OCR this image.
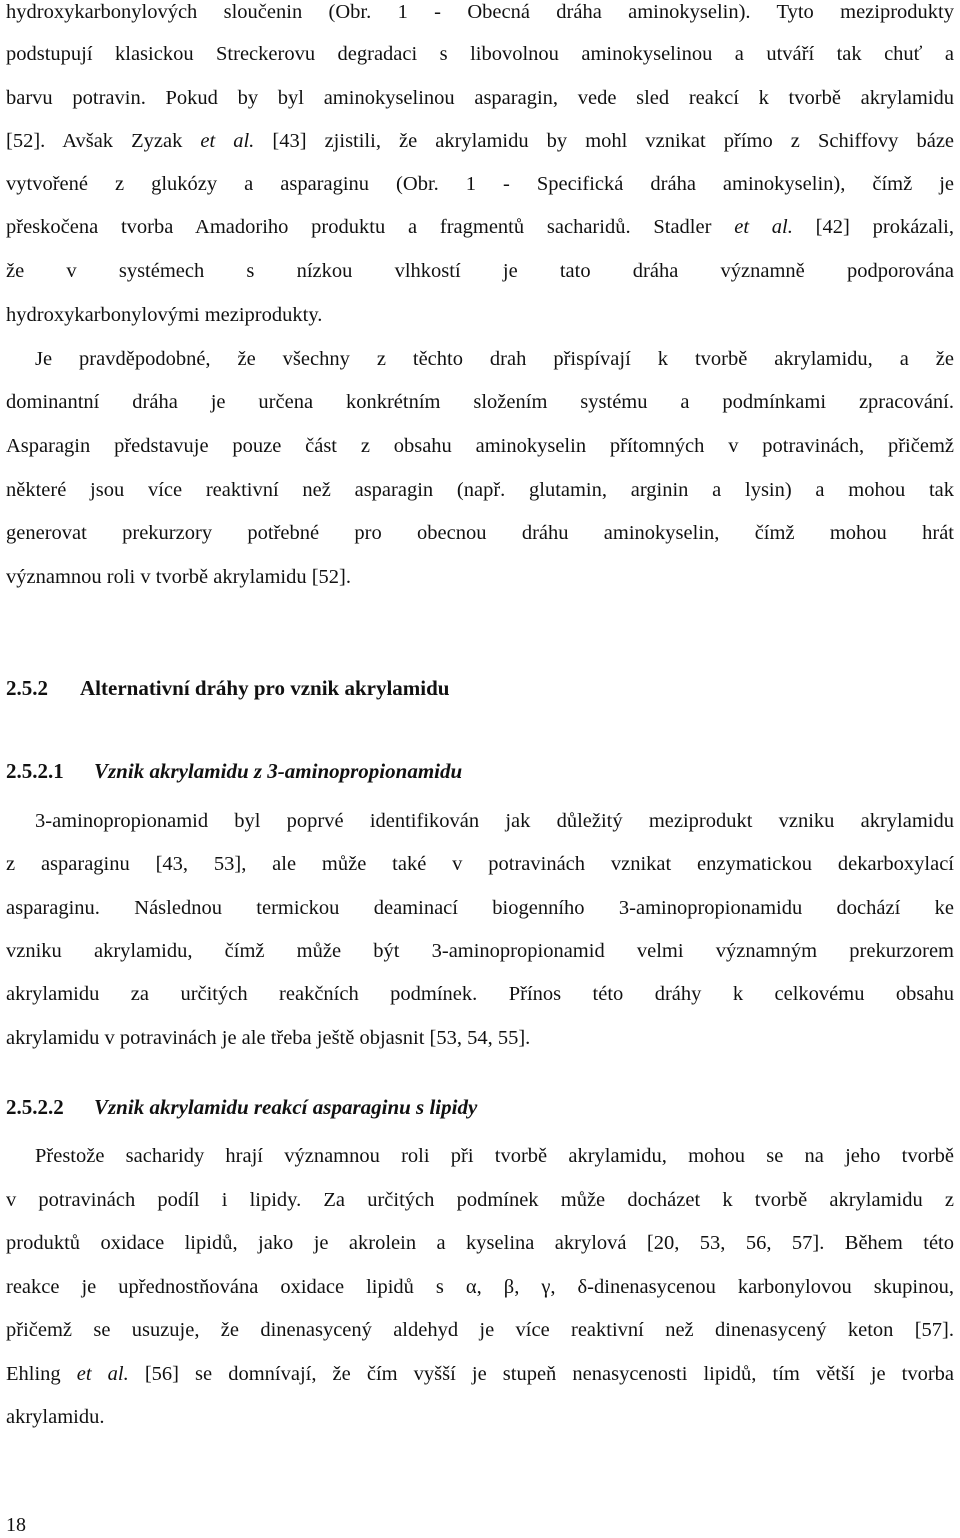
hydroxykarbonylových sloučenin (Obr. 1 - Obecná dráha aminokyselin). Tyto meziprodukty
podstupují klasickou Streckerovu degradaci s libovolnou aminokyselinou a utváří tak chuť a
barvu potravin. Pokud by byl aminokyselinou asparagin, vede sled reakcí k tvorbě akrylamidu
[52]. Avšak Zyzak et al. [43] zjistili, že akrylamidu by mohl vznikat přímo z Schiffovy báze
vytvořené z glukózy a asparaginu (Obr. 1 - Specifická dráha aminokyselin), čímž je
přeskočena tvorba Amadoriho produktu a fragmentů sacharidů. Stadler et al. [42] prokázali,
že v systémech s nízkou vlhkostí je tato dráha významně podporována
hydroxykarbonylovými meziprodukty.
Je pravděpodobné, že všechny z těchto drah přispívají k tvorbě akrylamidu, a že
dominantní dráha je určena konkrétním složením systému a podmínkami zpracování.
Asparagin představuje pouze část z obsahu aminokyselin přítomných v potravinách, přičemž
některé jsou více reaktivní než asparagin (např. glutamin, arginin a lysin) a mohou tak
generovat prekurzory potřebné pro obecnou dráhu aminokyselin, čímž mohou hrát
významnou roli v tvorbě akrylamidu [52].
2.5.2 Alternativní dráhy pro vznik akrylamidu
2.5.2.1 Vznik akrylamidu z 3-aminopropionamidu
3-aminopropionamid byl poprvé identifikován jak důležitý meziprodukt vzniku akrylamidu
z asparaginu [43, 53], ale může také v potravinách vznikat enzymatickou dekarboxylací
asparaginu. Následnou termickou deaminací biogenního 3-aminopropionamidu dochází ke
vzniku akrylamidu, čímž může být 3-aminopropionamid velmi významným prekurzorem
akrylamidu za určitých reakčních podmínek. Přínos této dráhy k celkovému obsahu
akrylamidu v potravinách je ale třeba ještě objasnit [53, 54, 55].
2.5.2.2 Vznik akrylamidu reakcí asparaginu s lipidy
Přestože sacharidy hrají významnou roli při tvorbě akrylamidu, mohou se na jeho tvorbě
v potravinách podíl i lipidy. Za určitých podmínek může docházet k tvorbě akrylamidu z
produktů oxidace lipidů, jako je akrolein a kyselina akrylová [20, 53, 56, 57]. Během této
reakce je upřednostňována oxidace lipidů s α, β, γ, δ-dinenasycenou karbonylovou skupinou,
přičemž se usuzuje, že dinenasycený aldehyd je více reaktivní než dinenasycený keton [57].
Ehling et al. [56] se domnívají, že čím vyšší je stupeň nenasycenosti lipidů, tím větší je tvorba
akrylamidu.
18
